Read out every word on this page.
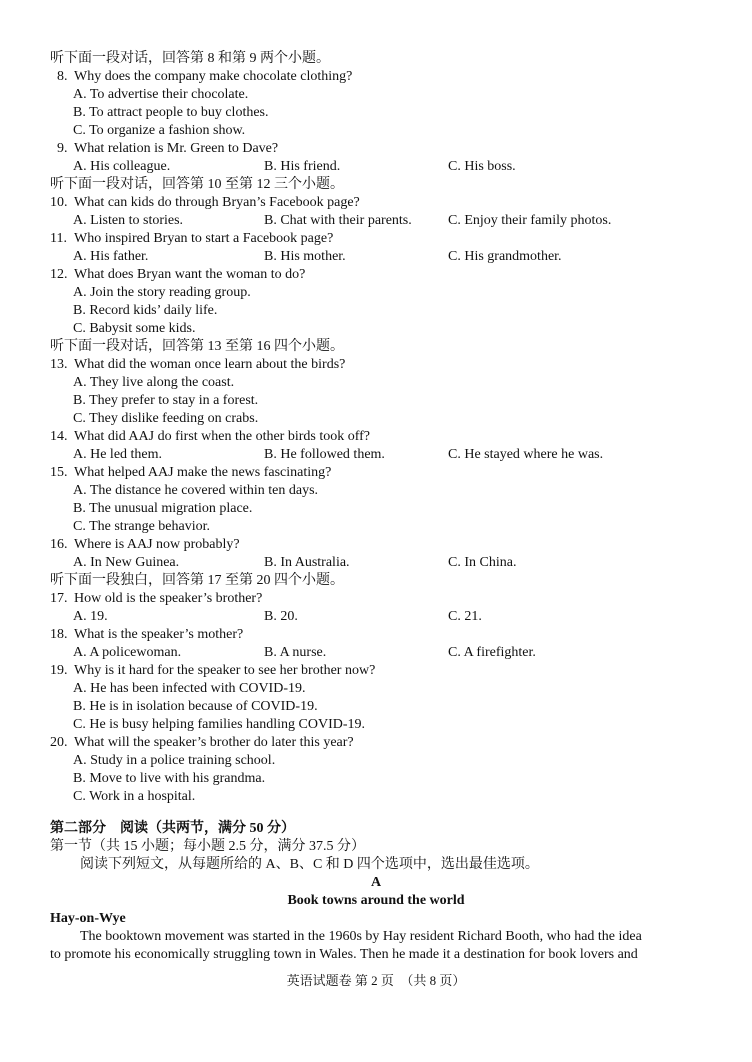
听下面一段对话，回答第 8 和第 9 两个小题。
8. Why does the company make chocolate clothing?
A. To advertise their chocolate.
B. To attract people to buy clothes.
C. To organize a fashion show.
9. What relation is Mr. Green to Dave?
A. His colleague.	B. His friend.	C. His boss.
听下面一段对话，回答第 10 至第 12 三个小题。
10. What can kids do through Bryan’s Facebook page?
A. Listen to stories.	B. Chat with their parents.	C. Enjoy their family photos.
11. Who inspired Bryan to start a Facebook page?
A. His father.	B. His mother.	C. His grandmother.
12. What does Bryan want the woman to do?
A. Join the story reading group.
B. Record kids’ daily life.
C. Babysit some kids.
听下面一段对话，回答第 13 至第 16 四个小题。
13. What did the woman once learn about the birds?
A. They live along the coast.
B. They prefer to stay in a forest.
C. They dislike feeding on crabs.
14. What did AAJ do first when the other birds took off?
A. He led them.	B. He followed them.	C. He stayed where he was.
15. What helped AAJ make the news fascinating?
A. The distance he covered within ten days.
B. The unusual migration place.
C. The strange behavior.
16. Where is AAJ now probably?
A. In New Guinea.	B. In Australia.	C. In China.
听下面一段独白，回答第 17 至第 20 四个小题。
17. How old is the speaker’s brother?
A. 19.	B. 20.	C. 21.
18. What is the speaker’s mother?
A. A policewoman.	B. A nurse.	C. A firefighter.
19. Why is it hard for the speaker to see her brother now?
A. He has been infected with COVID-19.
B. He is in isolation because of COVID-19.
C. He is busy helping families handling COVID-19.
20. What will the speaker’s brother do later this year?
A. Study in a police training school.
B. Move to live with his grandma.
C. Work in a hospital.
第二部分　阅读（共两节，满分 50 分）
第一节（共 15 小题；每小题 2.5 分，满分 37.5 分）
阅读下列短文，从每题所给的 A、B、C 和 D 四个选项中，选出最佳选项。
A
Book towns around the world
Hay-on-Wye
The booktown movement was started in the 1960s by Hay resident Richard Booth, who had the idea
to promote his economically struggling town in Wales. Then he made it a destination for book lovers and
英语试题卷 第 2 页　（共 8 页）
